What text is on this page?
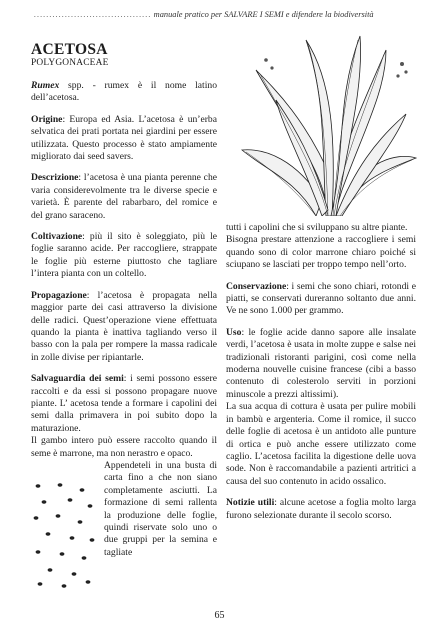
...................................... manuale pratico per SALVARE I SEMI e difendere la biodiversità
ACETOSA
POLYGONACEAE

Rumex spp. - rumex è il nome latino dell’acetosa.

Origine: Europa ed Asia. L’acetosa è un’erba selvatica dei prati portata nei giardini per essere utilizzata. Questo processo è stato ampiamente migliorato dai seed savers.

Descrizione: l’acetosa è una pianta perenne che varia considerevolmente tra le diverse specie e varietà. È parente del rabarbaro, del romice e del grano saraceno.

Coltivazione: più il sito è soleggiato, più le foglie saranno acide. Per raccogliere, strappate le foglie più esterne piuttosto che tagliare l’intera pianta con un coltello.

Propagazione: l’acetosa è propagata nella maggior parte dei casi attraverso la divisione delle radici. Quest’operazione viene effettuata quando la pianta è inattiva tagliando verso il basso con la pala per rompere la massa radicale in zolle divise per ripiantarle.

Salvaguardia dei semi: i semi possono essere raccolti e da essi si possono propagare nuove piante. L’ acetosa tende a formare i capolini dei semi dalla primavera in poi subito dopo la maturazione.

Il gambo intero può essere raccolto quando il seme è marrone, ma non nerastro e opaco.

Appendeteli in una busta di carta fino a che non siano completamente asciutti. La formazione di semi rallenta la produzione delle foglie, quindi riservate solo uno o due gruppi per la semina e tagliate

tutti i capolini che si sviluppano su altre piante.

Bisogna prestare attenzione a raccogliere i semi quando sono di color marrone chiaro poiché si sciupano se lasciati per troppo tempo nell’orto.

Conservazione: i semi che sono chiari, rotondi e piatti, se conservati dureranno soltanto due anni. Ve ne sono 1.000 per grammo.

Uso: le foglie acide danno sapore alle insalate verdi, l’acetosa è usata in molte zuppe e salse nei tradizionali ristoranti parigini, così come nella moderna nouvelle cuisine francese (cibi a basso contenuto di colesterolo serviti in porzioni minuscole a prezzi altissimi).

La sua acqua di cottura è usata per pulire mobili in bambù e argenteria. Come il romice, il succo delle foglie di acetosa è un antidoto alle punture di ortica e può anche essere utilizzato come caglio. L’acetosa facilita la digestione delle uova sode. Non è raccomandabile a pazienti artritici a causa del suo contenuto in acido ossalico.

Notizie utili: alcune acetose a foglia molto larga furono selezionate durante il secolo scorso.

65
